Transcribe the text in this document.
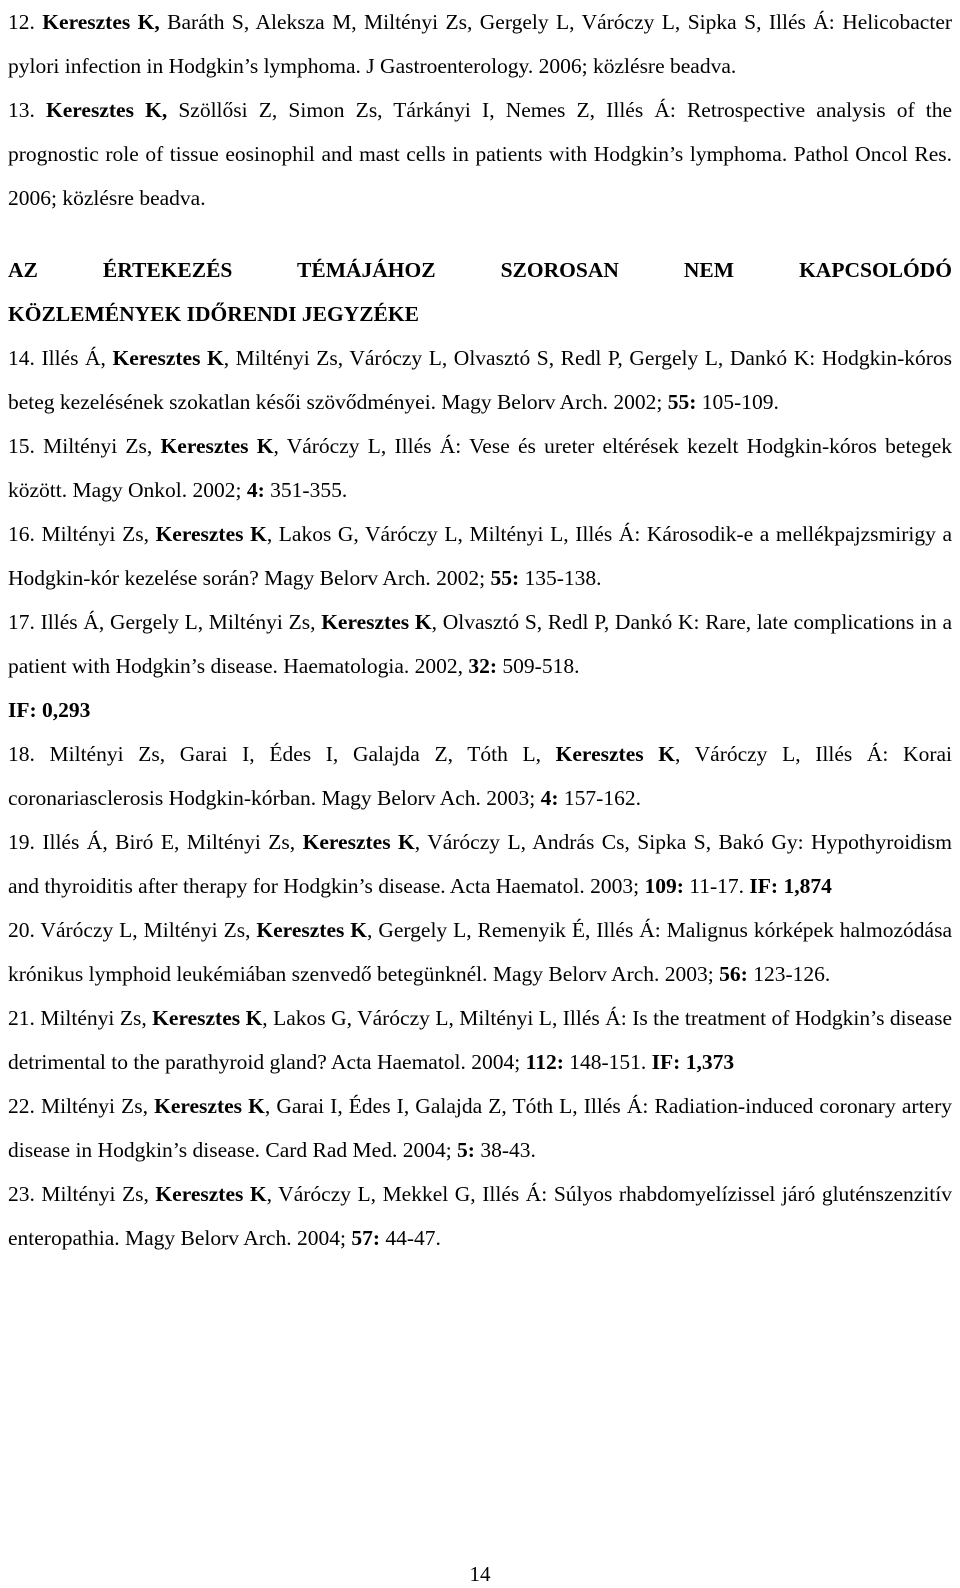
12. Keresztes K, Baráth S, Aleksza M, Miltényi Zs, Gergely L, Váróczy L, Sipka S, Illés Á: Helicobacter pylori infection in Hodgkin’s lymphoma. J Gastroenterology. 2006; közlésre beadva.

13. Keresztes K, Szöllősi Z, Simon Zs, Tárkányi I, Nemes Z, Illés Á: Retrospective analysis of the prognostic role of tissue eosinophil and mast cells in patients with Hodgkin’s lymphoma. Pathol Oncol Res. 2006; közlésre beadva.

AZ ÉRTEKEZÉS TÉMÁJÁHOZ SZOROSAN NEM KAPCSOLÓDÓ
KÖZLEMÉNYEK IDŐRENDI JEGYZÉKE

14. Illés Á, Keresztes K, Miltényi Zs, Váróczy L, Olvasztó S, Redl P, Gergely L, Dankó K: Hodgkin-kóros beteg kezelésének szokatlan késői szövődményei. Magy Belorv Arch. 2002; 55: 105-109.

15. Miltényi Zs, Keresztes K, Váróczy L, Illés Á: Vese és ureter eltérések kezelt Hodgkin-kóros betegek között. Magy Onkol. 2002; 4: 351-355.

16. Miltényi Zs, Keresztes K, Lakos G, Váróczy L, Miltényi L, Illés Á: Károsodik-e a mellékpajzsmirigy a Hodgkin-kór kezelése során? Magy Belorv Arch. 2002; 55: 135-138.

17. Illés Á, Gergely L, Miltényi Zs, Keresztes K, Olvasztó S, Redl P, Dankó K: Rare, late complications in a patient with Hodgkin’s disease. Haematologia. 2002, 32: 509-518.

IF: 0,293

18. Miltényi Zs, Garai I, Édes I, Galajda Z, Tóth L, Keresztes K, Váróczy L, Illés Á: Korai coronariasclerosis Hodgkin-kórban. Magy Belorv Ach. 2003; 4: 157-162.

19. Illés Á, Biró E, Miltényi Zs, Keresztes K, Váróczy L, András Cs, Sipka S, Bakó Gy: Hypothyroidism and thyroiditis after therapy for Hodgkin’s disease. Acta Haematol. 2003; 109: 11-17. IF: 1,874

20. Váróczy L, Miltényi Zs, Keresztes K, Gergely L, Remenyik É, Illés Á: Malignus kórképek halmozódása krónikus lymphoid leukémiában szenvedő betegünknél. Magy Belorv Arch. 2003; 56: 123-126.

21. Miltényi Zs, Keresztes K, Lakos G, Váróczy L, Miltényi L, Illés Á: Is the treatment of Hodgkin’s disease detrimental to the parathyroid gland? Acta Haematol. 2004; 112: 148-151. IF: 1,373

22. Miltényi Zs, Keresztes K, Garai I, Édes I, Galajda Z, Tóth L, Illés Á: Radiation-induced coronary artery disease in Hodgkin’s disease. Card Rad Med. 2004; 5: 38-43.

23. Miltényi Zs, Keresztes K, Váróczy L, Mekkel G, Illés Á: Súlyos rhabdomyelízissel járó gluténszenzitív enteropathia. Magy Belorv Arch. 2004; 57: 44-47.

14
